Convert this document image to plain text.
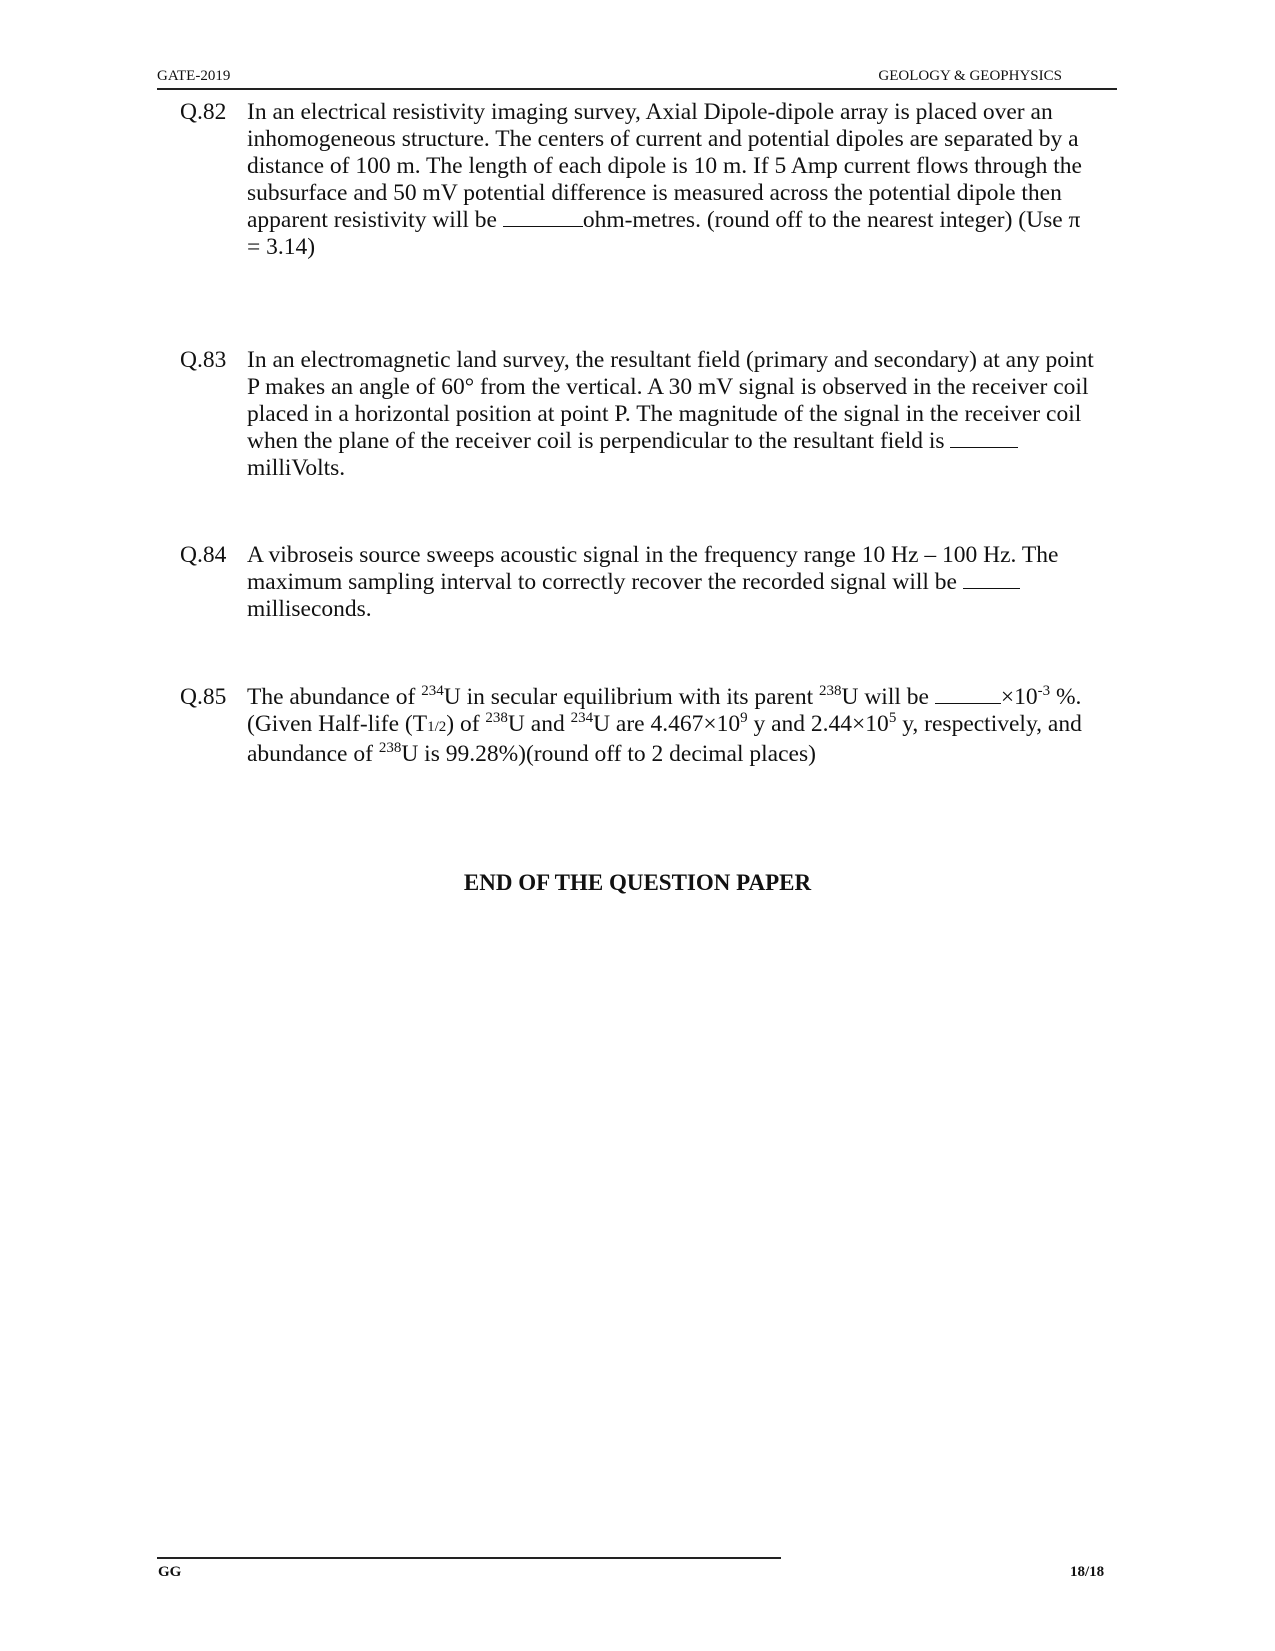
GATE-2019	GEOLOGY & GEOPHYSICS
Q.82 In an electrical resistivity imaging survey, Axial Dipole-dipole array is placed over an inhomogeneous structure. The centers of current and potential dipoles are separated by a distance of 100 m. The length of each dipole is 10 m. If 5 Amp current flows through the subsurface and 50 mV potential difference is measured across the potential dipole then apparent resistivity will be	ohm-metres. (round off to the nearest integer) (Use π = 3.14)
Q.83 In an electromagnetic land survey, the resultant field (primary and secondary) at any point P makes an angle of 60° from the vertical. A 30 mV signal is observed in the receiver coil placed in a horizontal position at point P. The magnitude of the signal in the receiver coil when the plane of the receiver coil is perpendicular to the resultant field is  milliVolts.
Q.84 A vibroseis source sweeps acoustic signal in the frequency range 10 Hz – 100 Hz. The maximum sampling interval to correctly recover the recorded signal will be milliseconds.
Q.85 The abundance of $^{234}$U in secular equilibrium with its parent $^{238}$U will be	$\times 10^{-3}$ %. (Given Half-life (T1/2) of $^{238}$U and $^{234}$U are $4.467\times 10^9$ y and $2.44\times 10^5$ y, respectively, and abundance of $^{238}$U is 99.28%)(round off to 2 decimal places)
END OF THE QUESTION PAPER
GG	18/18
